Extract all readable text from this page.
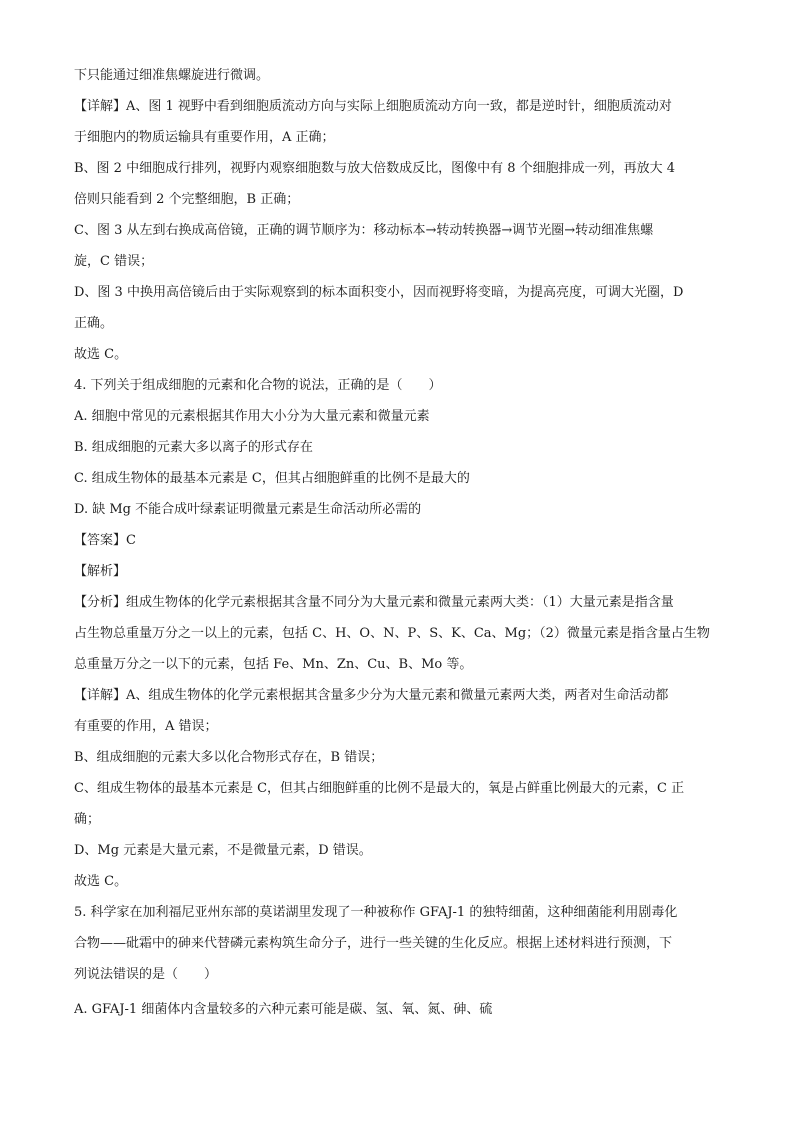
下只能通过细准焦螺旋进行微调。
【详解】A、图 1 视野中看到细胞质流动方向与实际上细胞质流动方向一致，都是逆时针，细胞质流动对
于细胞内的物质运输具有重要作用，A 正确；
B、图 2 中细胞成行排列，视野内观察细胞数与放大倍数成反比，图像中有 8 个细胞排成一列，再放大 4
倍则只能看到 2 个完整细胞，B 正确；
C、图 3 从左到右换成高倍镜，正确的调节顺序为：移动标本→转动转换器→调节光圈→转动细准焦螺
旋，C 错误；
D、图 3 中换用高倍镜后由于实际观察到的标本面积变小，因而视野将变暗，为提高亮度，可调大光圈，D
正确。
故选 C。
4. 下列关于组成细胞的元素和化合物的说法，正确的是（　　）
A. 细胞中常见的元素根据其作用大小分为大量元素和微量元素
B. 组成细胞的元素大多以离子的形式存在
C. 组成生物体的最基本元素是 C，但其占细胞鲜重的比例不是最大的
D. 缺 Mg 不能合成叶绿素证明微量元素是生命活动所必需的
【答案】C
【解析】
【分析】组成生物体的化学元素根据其含量不同分为大量元素和微量元素两大类：（1）大量元素是指含量
占生物总重量万分之一以上的元素，包括 C、H、O、N、P、S、K、Ca、Mg；（2）微量元素是指含量占生物
总重量万分之一以下的元素，包括 Fe、Mn、Zn、Cu、B、Mo 等。
【详解】A、组成生物体的化学元素根据其含量多少分为大量元素和微量元素两大类，两者对生命活动都
有重要的作用，A 错误；
B、组成细胞的元素大多以化合物形式存在，B 错误；
C、组成生物体的最基本元素是 C，但其占细胞鲜重的比例不是最大的，氧是占鲜重比例最大的元素，C 正
确；
D、Mg 元素是大量元素，不是微量元素，D 错误。
故选 C。
5. 科学家在加利福尼亚州东部的莫诺湖里发现了一种被称作 GFAJ-1 的独特细菌，这种细菌能利用剧毒化
合物——砒霜中的砷来代替磷元素构筑生命分子，进行一些关键的生化反应。根据上述材料进行预测，下
列说法错误的是（　　）
A. GFAJ-1 细菌体内含量较多的六种元素可能是碳、氢、氧、氮、砷、硫
